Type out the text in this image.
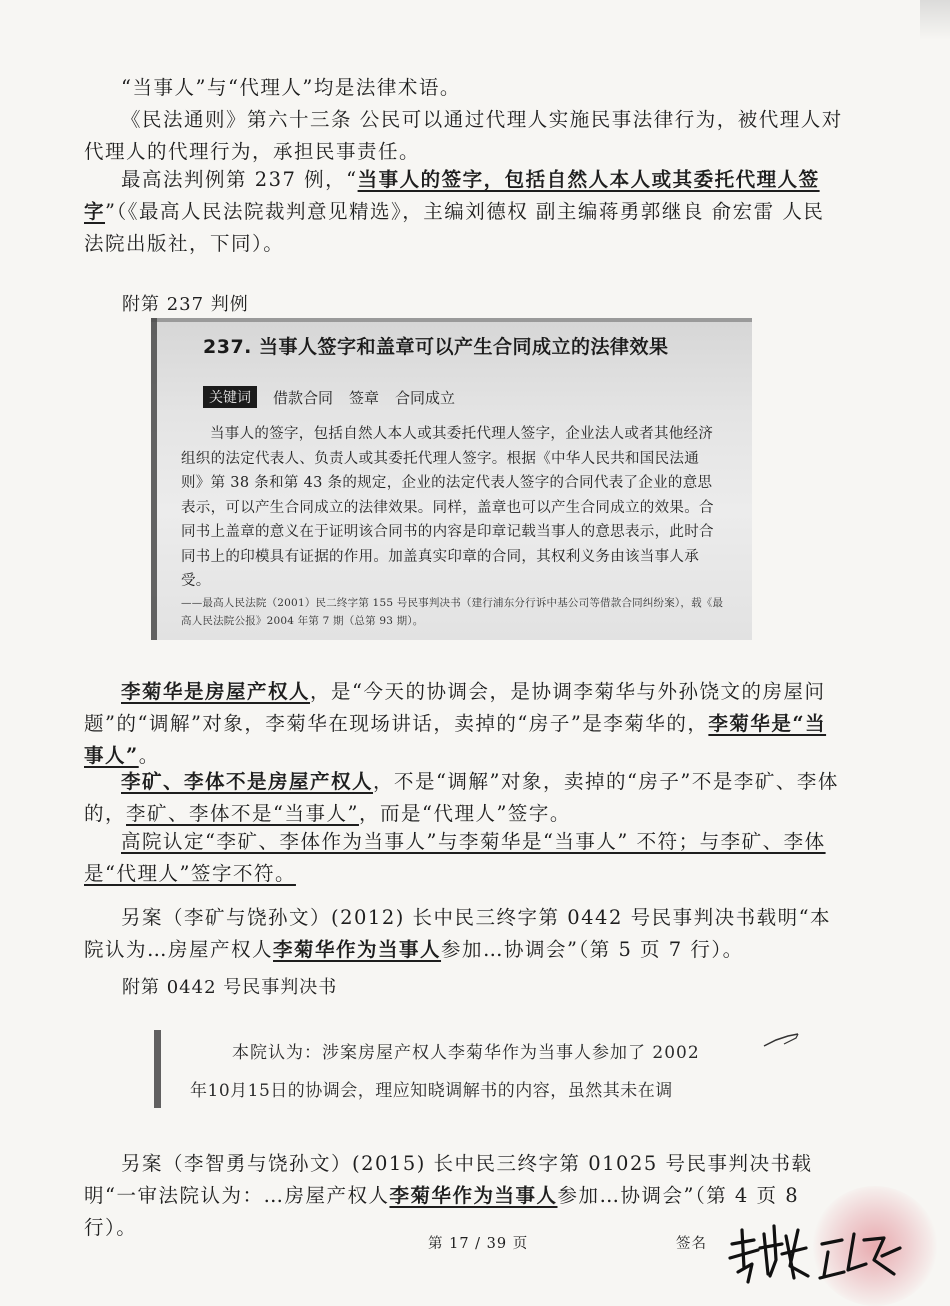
“当事人”与“代理人”均是法律术语。

《民法通则》第六十三条 公民可以通过代理人实施民事法律行为，被代理人对代理人的代理行为，承担民事责任。

最高法判例第 237 例，“当事人的签字，包括自然人本人或其委托代理人签字”（《最高人民法院裁判意见精选》，主编刘德权 副主编蒋勇郭继良 俞宏雷 人民法院出版社，下同）。

附第 237 判例
237. 当事人签字和盖章可以产生合同成立的法律效果
关键词	借款合同 签章 合同成立
当事人的签字，包括自然人本人或其委托代理人签字，企业法人或者其他经济组织的法定代表人、负责人或其委托代理人签字。根据《中华人民共和国民法通则》第 38 条和第 43 条的规定，企业的法定代表人签字的合同代表了企业的意思表示，可以产生合同成立的法律效果。同样，盖章也可以产生合同成立的效果。合同书上盖章的意义在于证明该合同书的内容是印章记载当事人的意思表示，此时合同书上的印模具有证据的作用。加盖真实印章的合同，其权利义务由该当事人承受。
——最高人民法院（2001）民二终字第 155 号民事判决书（建行浦东分行诉中基公司等借款合同纠纷案），载《最高人民法院公报》2004 年第 7 期（总第 93 期）。

李菊华是房屋产权人，是“今天的协调会，是协调李菊华与外孙饶文的房屋问题”的“调解”对象，李菊华在现场讲话，卖掉的“房子”是李菊华的，李菊华是“当事人”。

李矿、李体不是房屋产权人，不是“调解”对象，卖掉的“房子”不是李矿、李体的，李矿、李体不是“当事人”，而是“代理人”签字。

高院认定“李矿、李体作为当事人”与李菊华是“当事人” 不符；与李矿、李体是“代理人”签字不符。

另案（李矿与饶孙文）(2012) 长中民三终字第 0442 号民事判决书载明“本院认为…房屋产权人李菊华作为当事人参加…协调会”（第 5 页 7 行）。

附第 0442 号民事判决书
本院认为：涉案房屋产权人李菊华作为当事人参加了 2002
年10月15日的协调会，理应知晓调解书的内容，虽然其未在调

另案（李智勇与饶孙文）(2015) 长中民三终字第 01025 号民事判决书载明“一审法院认为：…房屋产权人李菊华作为当事人参加…协调会”（第 4 页 8 行）。

第 17 / 39 页	签名
